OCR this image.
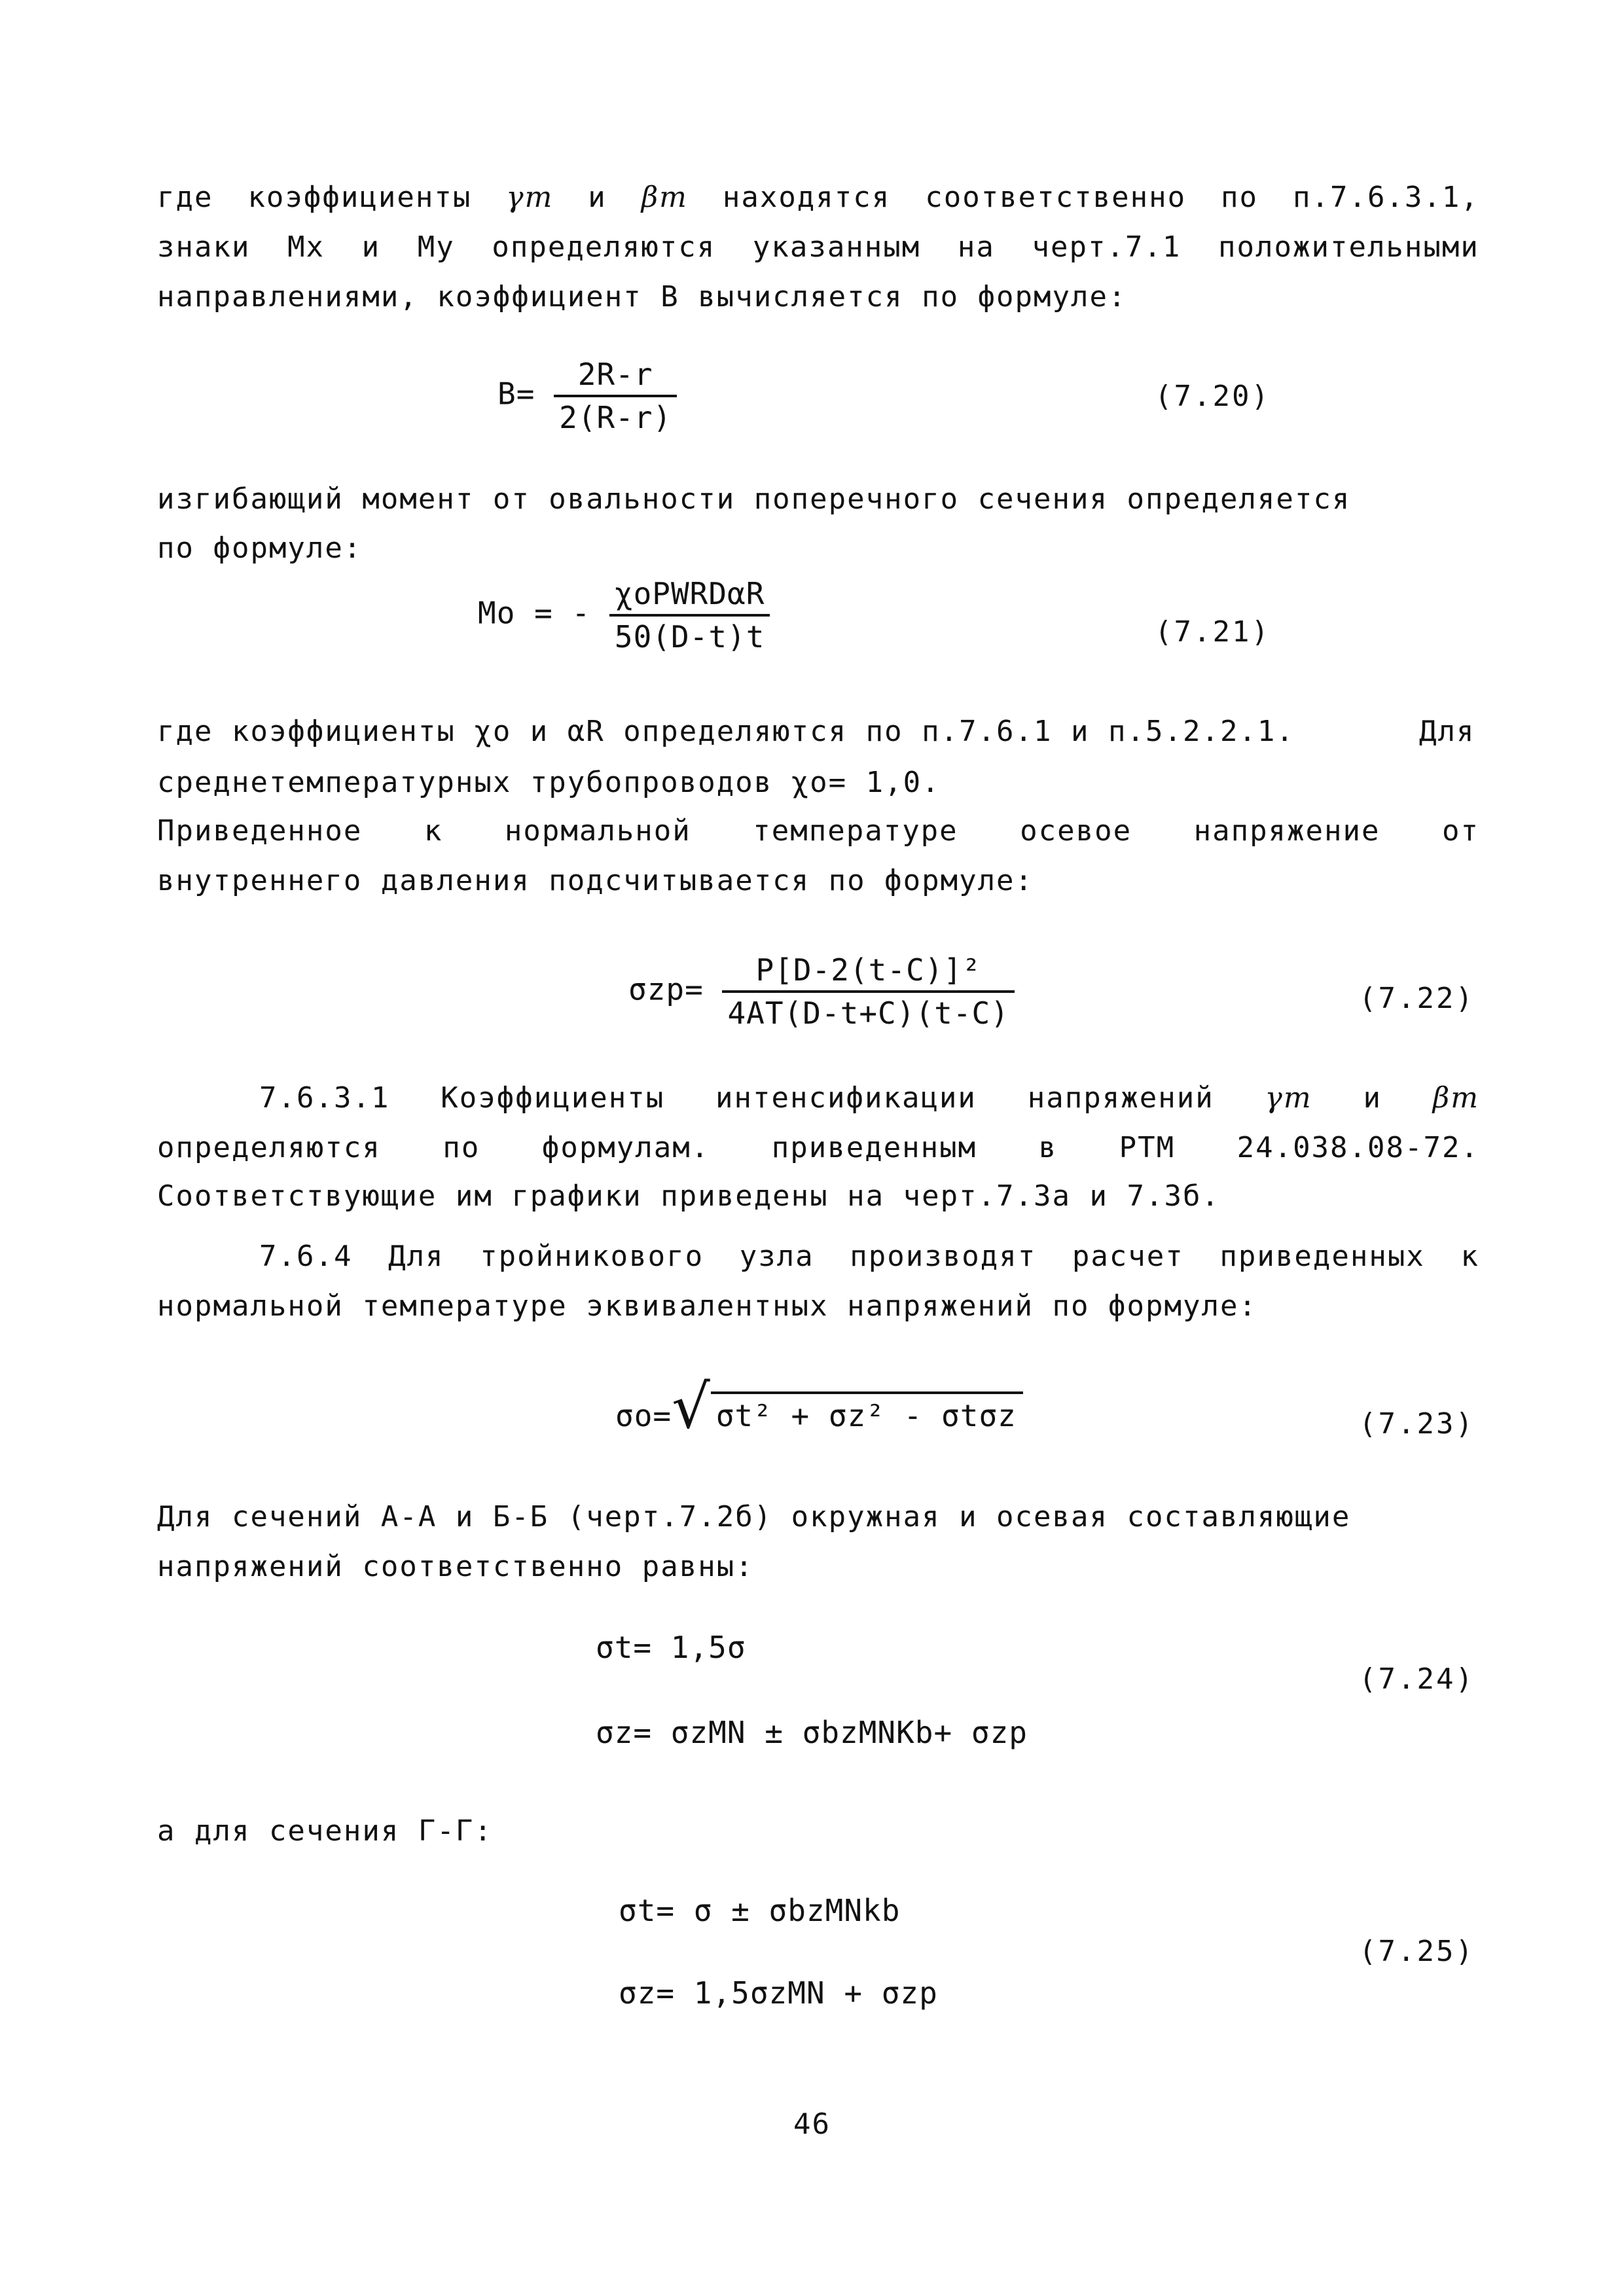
где коэффициенты γm и βm находятся соответственно по п.7.6.3.1,
знаки Mx и My определяются указанным на черт.7.1 положительными
направлениями, коэффициент B вычисляется по формуле:
$B= \frac{2R-r}{2(R-r)}$	(7.20)
изгибающий момент от овальности поперечного сечения определяется
по формуле:
Mo = - $\frac{\text{χoPWRDαR}}{50(D-t)t}$	(7.21)
где коэффициенты χo и αR определяются по п.7.6.1 и п.5.2.2.1.	Для
среднетемпературных трубопроводов χo= 1,0.
Приведенное к нормальной температуре осевое напряжение от
внутреннего давления подсчитывается по формуле:
$\sigma zp= \frac{\text{P[D-2(t-C)]²}}{4AT(D-t+C)(t-C)}$	(7.22)
7.6.3.1 Коэффициенты интенсификации напряжений γm и βm
определяются по формулам. приведенным в РТМ 24.038.08-72.
Соответствующие им графики приведены на черт.7.3а и 7.3б.
7.6.4 Для тройникового узла производят расчет приведенных к
нормальной температуре эквивалентных напряжений по формуле:
σo= √ σt² + σz² - σtσz	(7.23)
Для сечений А-А и Б-Б (черт.7.2б) окружная и осевая составляющие
напряжений соответственно равны:
σt= 1,5σ
σz= σzMN ± σbzMNKb+ σzp
(7.24)
а для сечения Г-Г:
σt= σ ± σbzMNkb
σz= 1,5σzMN + σzp
(7.25)
46
